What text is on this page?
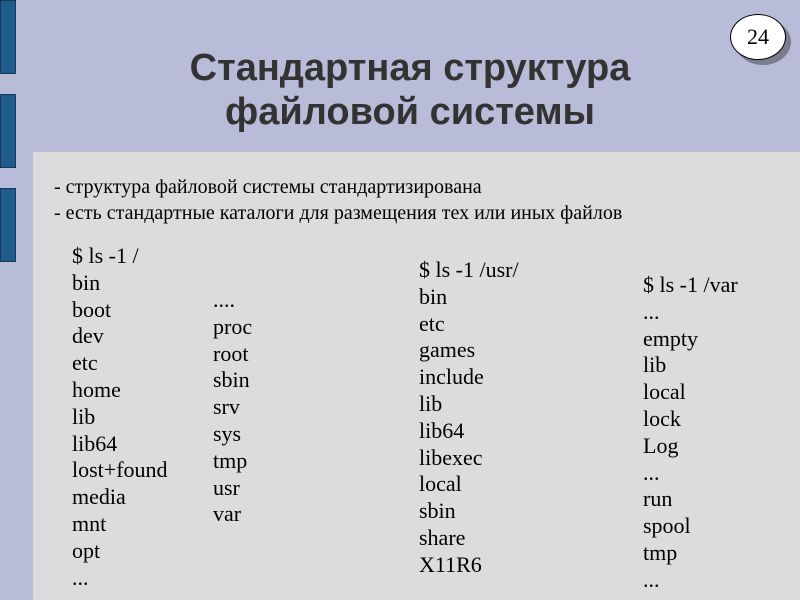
24
Стандартная структура
файловой системы
- структура файловой системы стандартизирована
- есть стандартные каталоги для размещения тех или иных файлов
$ ls -1 /
bin
boot
dev
etc
home
lib
lib64
lost+found
media
mnt
opt
...
....
proc
root
sbin
srv
sys
tmp
usr
var
$ ls -1 /usr/
bin
etc
games
include
lib
lib64
libexec
local
sbin
share
X11R6
$ ls -1 /var
...
empty
lib
local
lock
Log
...
run
spool
tmp
...
